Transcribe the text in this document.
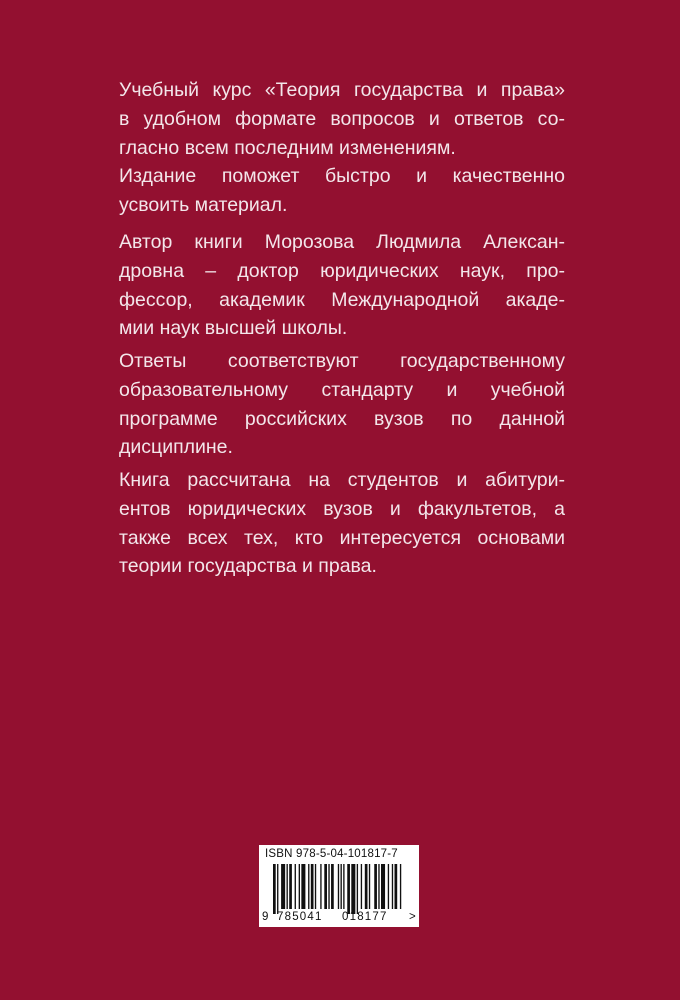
Учебный курс «Теория государства и права»
в удобном формате вопросов и ответов со-
гласно всем последним изменениям.
Издание поможет быстро и качественно
усвоить материал.
Автор книги Морозова Людмила Алексан-
дровна – доктор юридических наук, про-
фессор, академик Международной акаде-
мии наук высшей школы.
Ответы соответствуют государственному
образовательному стандарту и учебной
программе российских вузов по данной
дисциплине.
Книга рассчитана на студентов и абитури-
ентов юридических вузов и факультетов, а
также всех тех, кто интересуется основами
теории государства и права.
ISBN 978-5-04-101817-7
9 785041 018177 >
